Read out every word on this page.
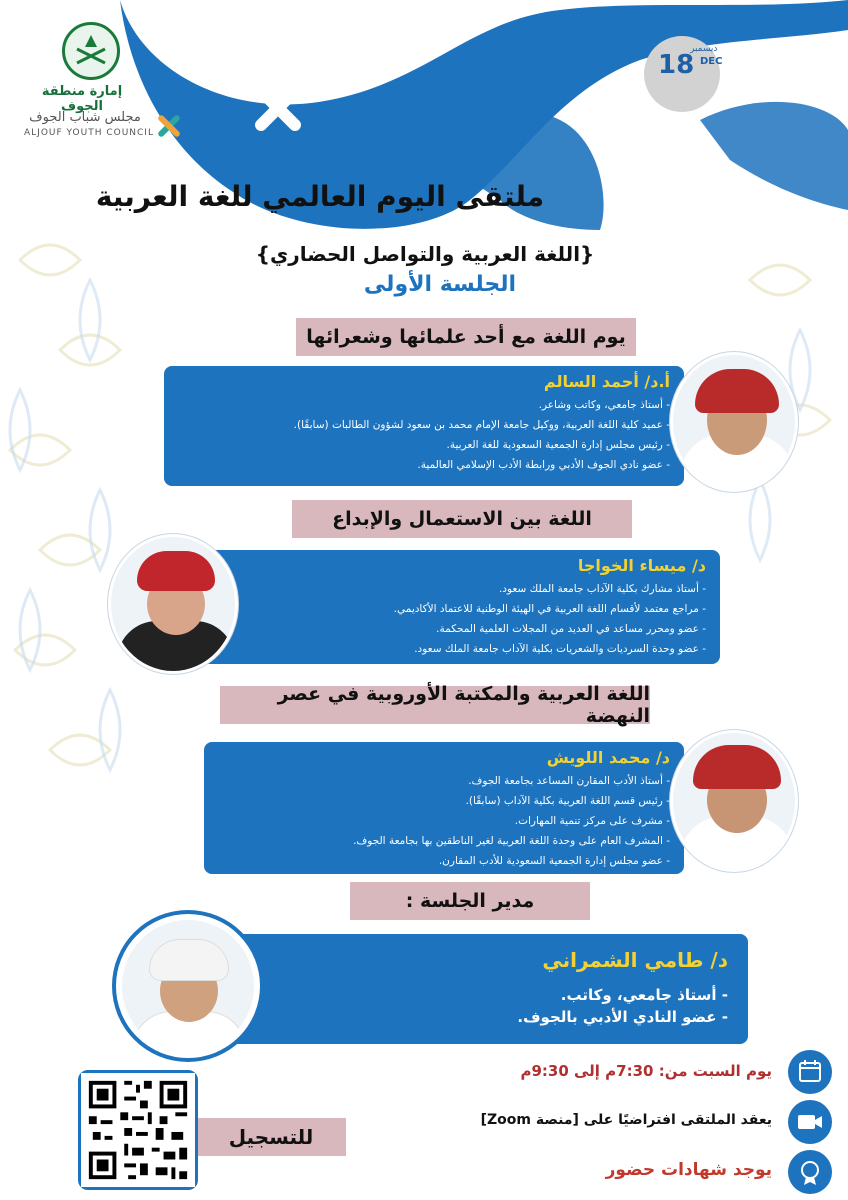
إمارة منطقة الجوف
مجلس شباب الجوف
ALJOUF YOUTH COUNCIL
ديسمبر
DEC
18
ملتقى اليوم العالمي للغة العربية
{اللغة العربية والتواصل الحضاري}
الجلسة الأولى
يوم اللغة مع أحد علمائها وشعرائها
أ.د/ أحمد السالم
- أستاذ جامعي، وكاتب وشاعر.
- عميد كلية اللغة العربية، ووكيل جامعة الإمام محمد بن سعود لشؤون الطالبات (سابقًا).
- رئيس مجلس إدارة الجمعية السعودية للغة العربية.
- عضو نادي الجوف الأدبي ورابطة الأدب الإسلامي العالمية.
اللغة بين الاستعمال والإبداع
د/ ميساء الخواجا
- أستاذ مشارك بكلية الآداب جامعة الملك سعود.
- مراجع معتمد لأقسام اللغة العربية في الهيئة الوطنية للاعتماد الأكاديمي.
- عضو ومحرر مساعد في العديد من المجلات العلمية المحكمة.
- عضو وحدة السرديات والشعريات بكلية الآداب جامعة الملك سعود.
اللغة العربية والمكتبة الأوروبية في عصر النهضة
د/ محمد اللويش
- أستاذ الأدب المقارن المساعد بجامعة الجوف.
- رئيس قسم اللغة العربية بكلية الآداب (سابقًا).
- مشرف على مركز تنمية المهارات.
- المشرف العام على وحدة اللغة العربية لغير الناطقين بها بجامعة الجوف.
- عضو مجلس إدارة الجمعية السعودية للأدب المقارن.
مدير الجلسة :
د/ طامي الشمراني
- أستاذ جامعي، وكاتب.
- عضو النادي الأدبي بالجوف.
يوم السبت من: 7:30م إلى 9:30م
يعقد الملتقى افتراضيًا على [منصة Zoom]
يوجد شهادات حضور
للتسجيل
